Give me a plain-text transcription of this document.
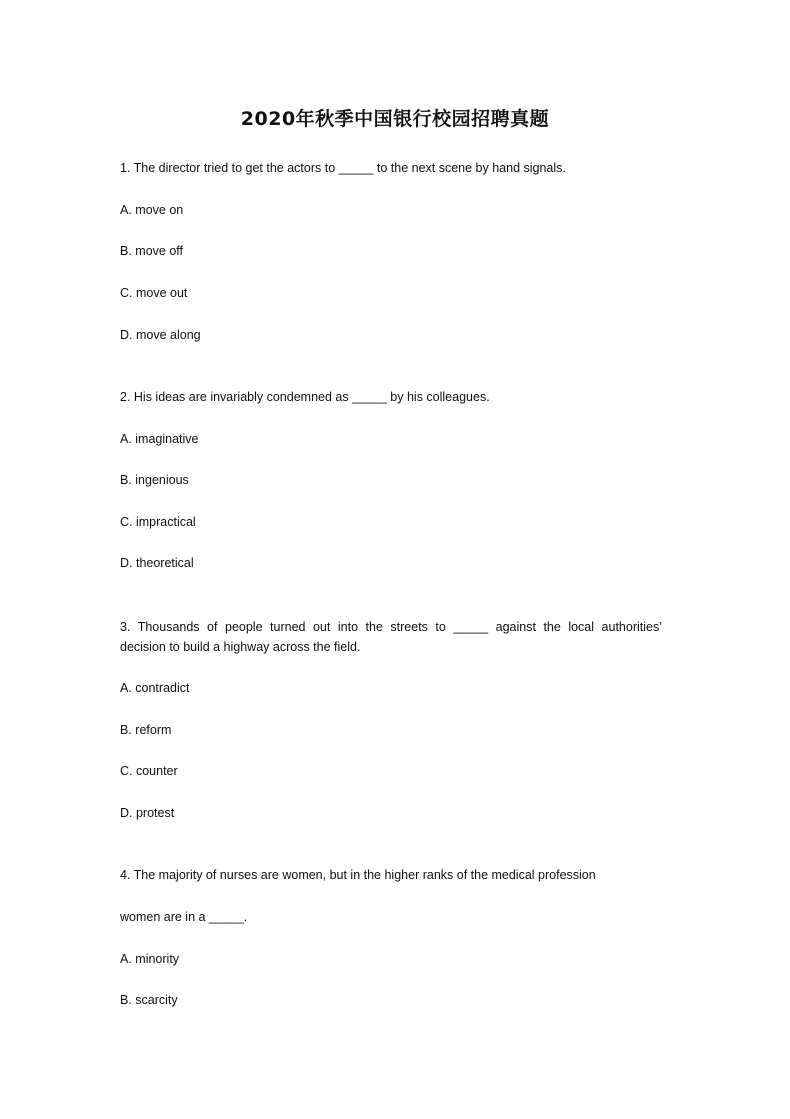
2020年秋季中国银行校园招聘真题
1. The director tried to get the actors to _____ to the next scene by hand signals.
A. move on
B. move off
C. move out
D. move along
2. His ideas are invariably condemned as _____ by his colleagues.
A. imaginative
B. ingenious
C. impractical
D. theoretical
3. Thousands of people turned out into the streets to _____ against the local authorities’
decision to build a highway across the field.
A. contradict
B. reform
C. counter
D. protest
4. The majority of nurses are women, but in the higher ranks of the medical profession
women are in a _____.
A. minority
B. scarcity
